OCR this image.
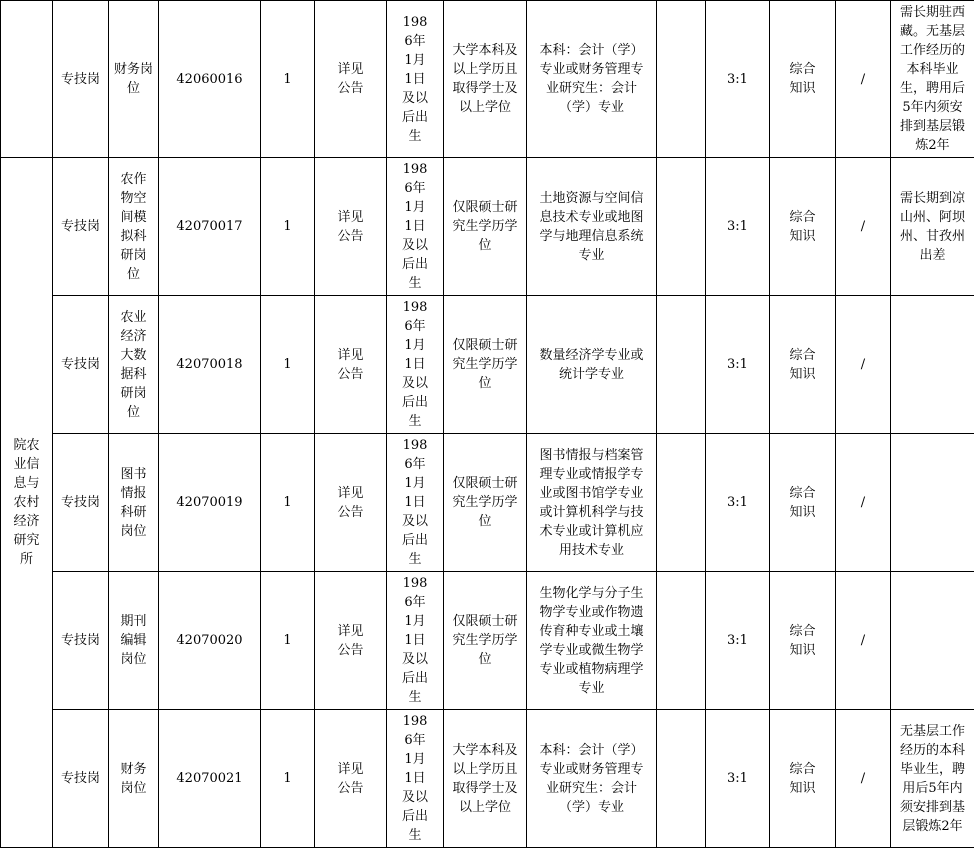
	专技岗	财务岗位	42060016	1	详见公告	1986年1月1日及以后出生	大学本科及以上学历且取得学士及以上学位	本科：会计（学）专业或财务管理专业研究生：会计（学）专业		3:1	综合知识	/	需长期驻西藏。无基层工作经历的本科毕业生，聘用后5年内须安排到基层锻炼2年

院农业信息与农村经济研究所	专技岗	农作物空间模拟科研岗位	42070017	1	详见公告	1986年1月1日及以后出生	仅限硕士研究生学历学位	土地资源与空间信息技术专业或地图学与地理信息系统专业		3:1	综合知识	/	需长期到凉山州、阿坝州、甘孜州出差

	专技岗	农业经济大数据科研岗位	42070018	1	详见公告	1986年1月1日及以后出生	仅限硕士研究生学历学位	数量经济学专业或统计学专业		3:1	综合知识	/	

	专技岗	图书情报科研岗位	42070019	1	详见公告	1986年1月1日及以后出生	仅限硕士研究生学历学位	图书情报与档案管理专业或情报学专业或图书馆学专业或计算机科学与技术专业或计算机应用技术专业		3:1	综合知识	/	

	专技岗	期刊编辑岗位	42070020	1	详见公告	1986年1月1日及以后出生	仅限硕士研究生学历学位	生物化学与分子生物学专业或作物遗传育种专业或土壤学专业或微生物学专业或植物病理学专业		3:1	综合知识	/	

	专技岗	财务岗位	42070021	1	详见公告	1986年1月1日及以后出生	大学本科及以上学历且取得学士及以上学位	本科：会计（学）专业或财务管理专业研究生：会计（学）专业		3:1	综合知识	/	无基层工作经历的本科毕业生，聘用后5年内须安排到基层锻炼2年
